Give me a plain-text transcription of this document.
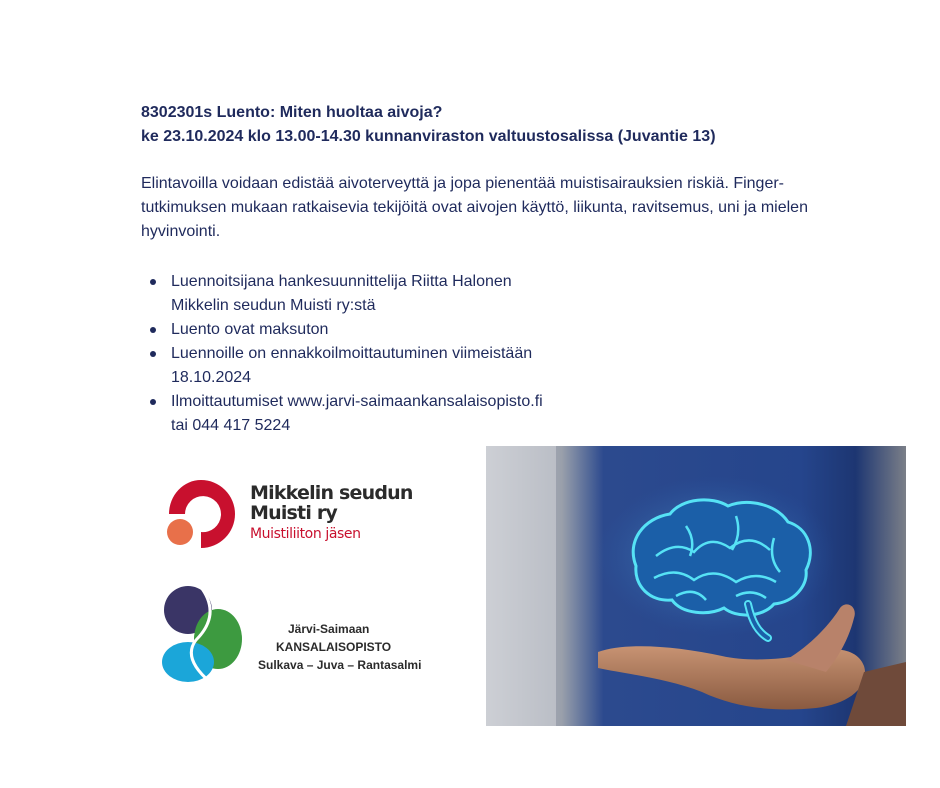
8302301s Luento: Miten huoltaa aivoja?
ke 23.10.2024 klo 13.00-14.30 kunnanviraston valtuustosalissa (Juvantie 13)
Elintavoilla voidaan edistää aivoterveyttä ja jopa pienentää muistisairauksien riskiä. Finger-
tutkimuksen mukaan ratkaisevia tekijöitä ovat aivojen käyttö, liikunta, ravitsemus, uni ja mielen
hyvinvointi.
Luennoitsijana hankesuunnittelija Riitta Halonen
Mikkelin seudun Muisti ry:stä
Luento ovat maksuton
Luennoille on ennakkoilmoittautuminen viimeistään
18.10.2024
Ilmoittautumiset www.jarvi-saimaankansalaisopisto.fi
tai 044 417 5224
Mikkelin seudun
Muisti ry
Muistiliiton jäsen
Järvi-Saimaan
KANSALAISOPISTO
Sulkava – Juva – Rantasalmi
